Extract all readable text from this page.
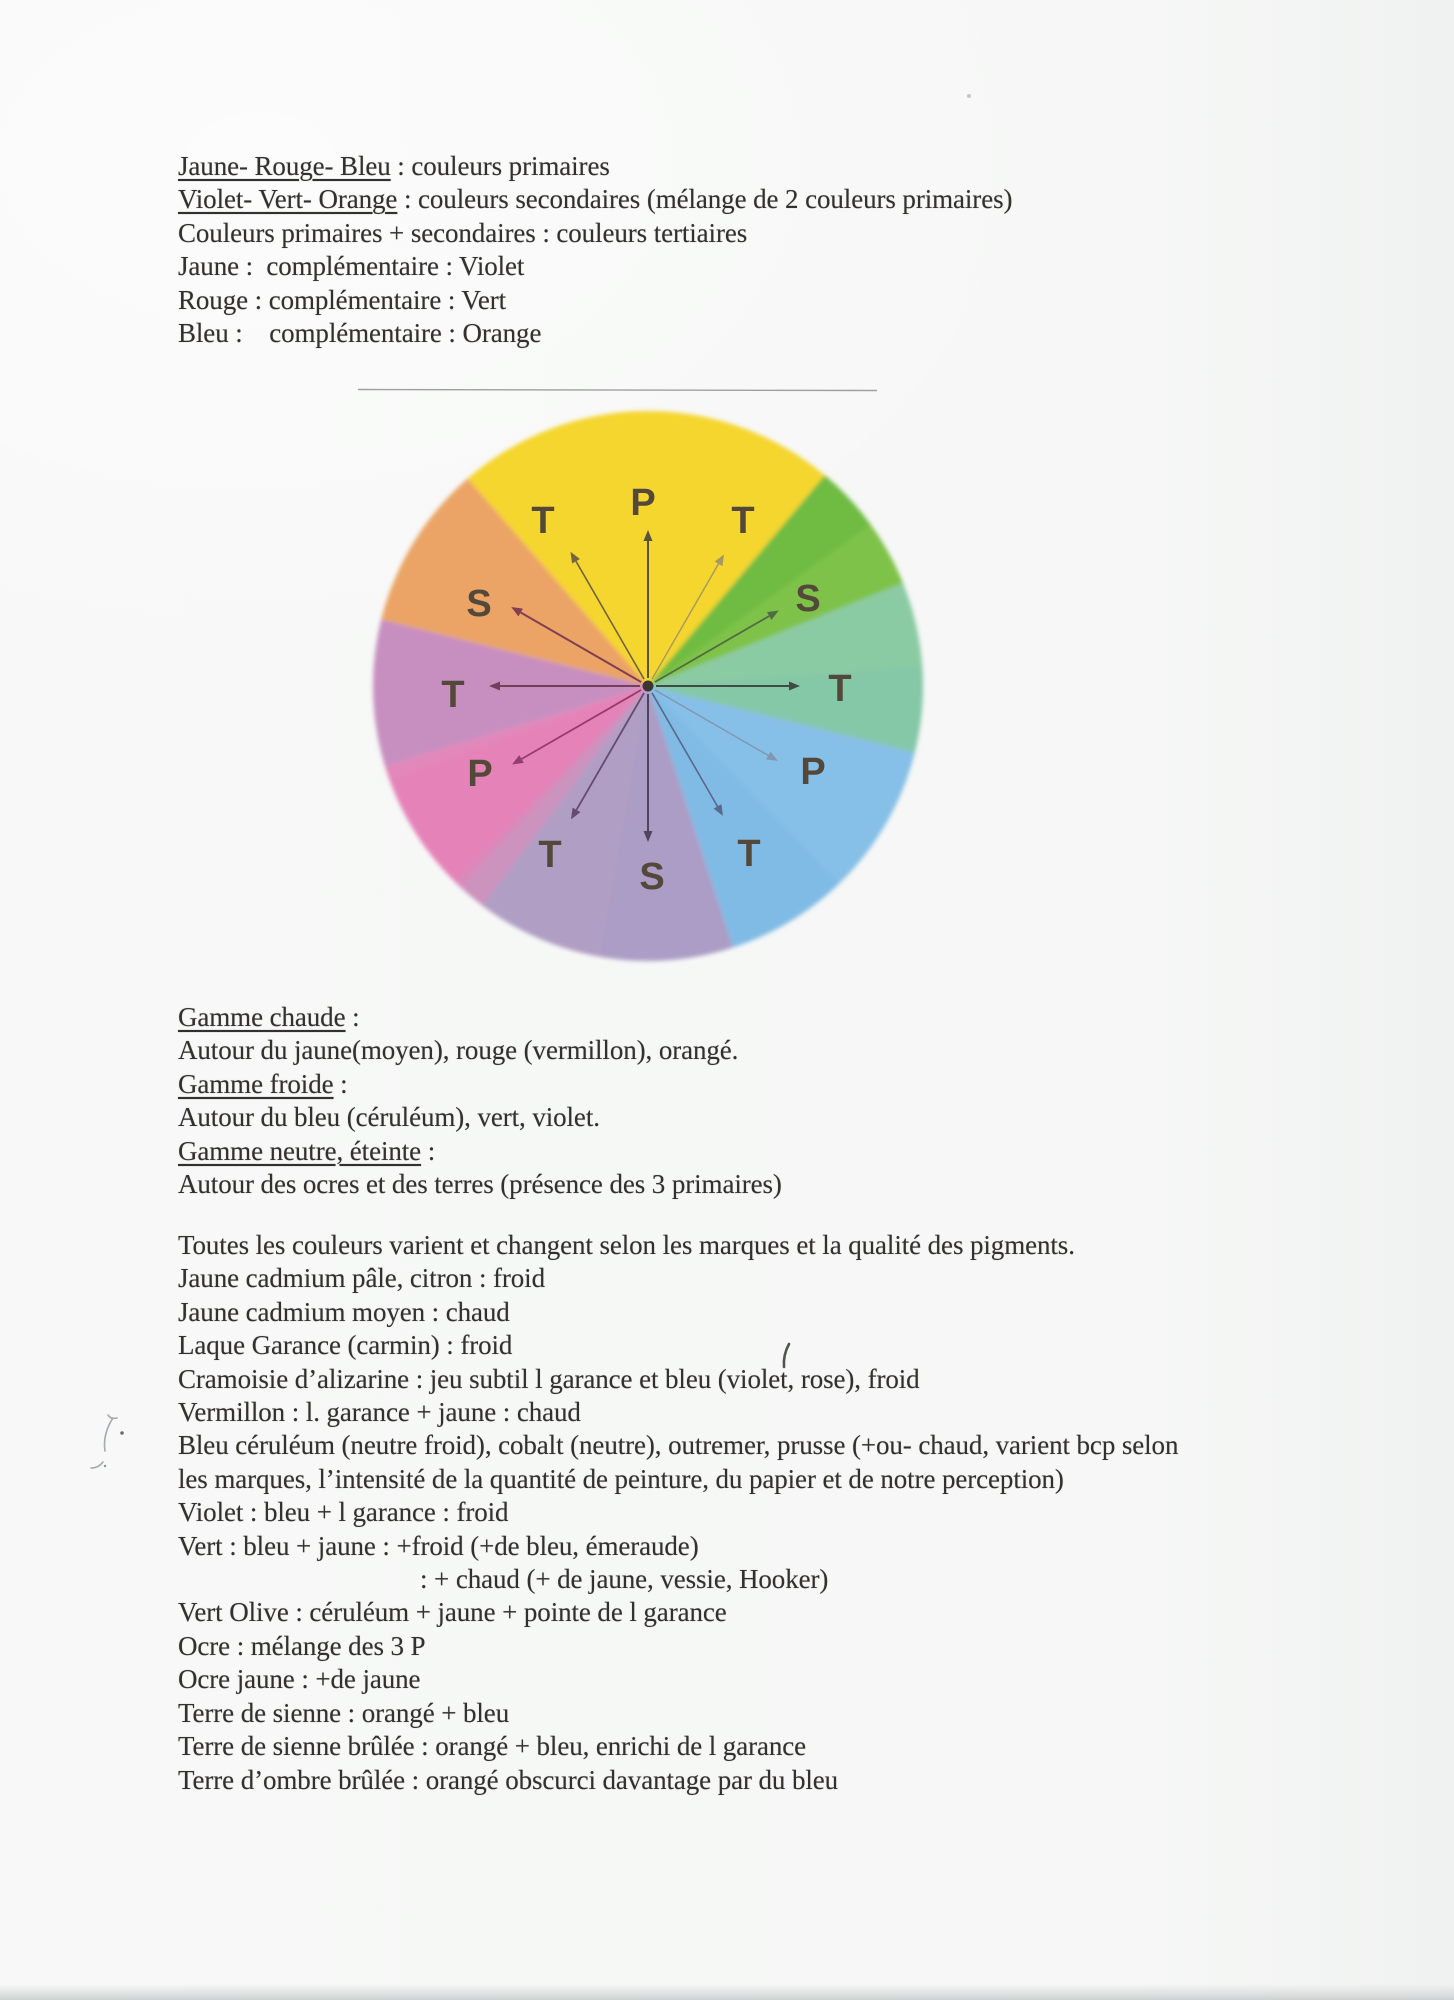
P T
S
T
P
T
S
T
P
T
S
T
Jaune- Rouge- Bleu : couleurs primaires
Violet- Vert- Orange : couleurs secondaires (mélange de 2 couleurs primaires)
Couleurs primaires + secondaires : couleurs tertiaires
Jaune :  complémentaire : Violet
Rouge : complémentaire : Vert
Bleu :    complémentaire : Orange
Gamme chaude :
Autour du jaune(moyen), rouge (vermillon), orangé.
Gamme froide :
Autour du bleu (céruléum), vert, violet.
Gamme neutre, éteinte :
Autour des ocres et des terres (présence des 3 primaires)
Toutes les couleurs varient et changent selon les marques et la qualité des pigments.
Jaune cadmium pâle, citron : froid
Jaune cadmium moyen : chaud
Laque Garance (carmin) : froid
Cramoisie d’alizarine : jeu subtil l garance et bleu (violet, rose), froid
Vermillon : l. garance + jaune : chaud
Bleu céruléum (neutre froid), cobalt (neutre), outremer, prusse (+ou- chaud, varient bcp selon
les marques, l’intensité de la quantité de peinture, du papier et de notre perception)
Violet : bleu + l garance : froid
Vert : bleu + jaune : +froid (+de bleu, émeraude)
: + chaud (+ de jaune, vessie, Hooker)
Vert Olive : céruléum + jaune + pointe de l garance
Ocre : mélange des 3 P
Ocre jaune : +de jaune
Terre de sienne : orangé + bleu
Terre de sienne brûlée : orangé + bleu, enrichi de l garance
Terre d’ombre brûlée : orangé obscurci davantage par du bleu
